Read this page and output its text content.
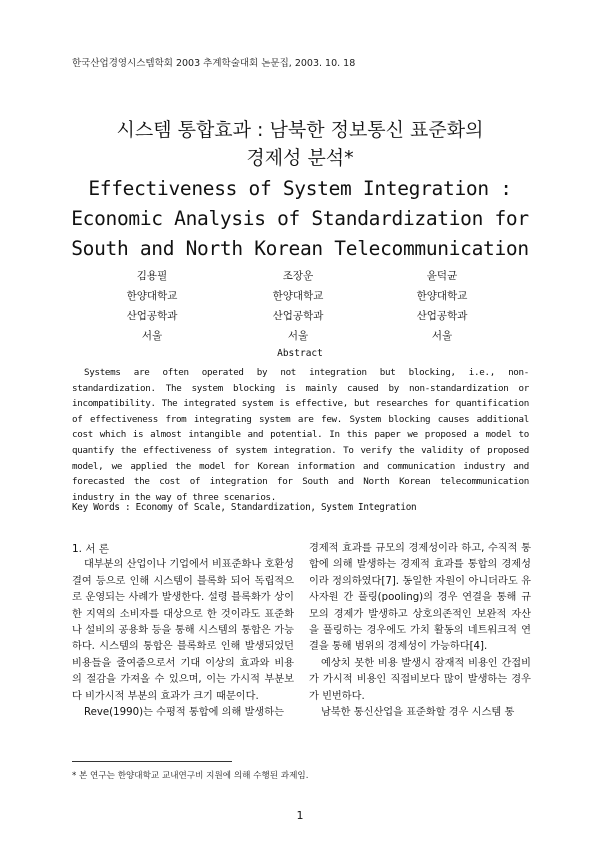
한국산업경영시스템학회 2003 추계학술대회 논문집, 2003. 10. 18
시스템 통합효과 : 남북한 정보통신 표준화의
경제성 분석*
Effectiveness of System Integration :
Economic Analysis of Standardization for
South and North Korean Telecommunication
김용필
한양대학교
산업공학과
서울
조장운
한양대학교
산업공학과
서울
윤덕균
한양대학교
산업공학과
서울
Abstract
Systems are often operated by not integration but blocking, i.e., non-standardization. The system blocking is mainly caused by non-standardization or incompatibility. The integrated system is effective, but researches for quantification of effectiveness from integrating system are few. System blocking causes additional cost which is almost intangible and potential. In this paper we proposed a model to quantify the effectiveness of system integration. To verify the validity of proposed model, we applied the model for Korean information and communication industry and forecasted the cost of integration for South and North Korean telecommunication industry in the way of three scenarios.
Key Words : Economy of Scale, Standardization, System Integration
1. 서 론

대부분의 산업이나 기업에서 비표준화나 호환성 결여 등으로 인해 시스템이 블록화 되어 독립적으로 운영되는 사례가 발생한다. 설령 블록화가 상이한 지역의 소비자를 대상으로 한 것이라도 표준화나 설비의 공용화 등을 통해 시스템의 통합은 가능하다. 시스템의 통합은 블록화로 인해 발생되었던 비용들을 줄여줌으로서 기대 이상의 효과와 비용의 절감을 가져올 수 있으며, 이는 가시적 부분보다 비가시적 부분의 효과가 크기 때문이다.

Reve(1990)는 수평적 통합에 의해 발생하는

경제적 효과를 규모의 경제성이라 하고, 수직적 통합에 의해 발생하는 경제적 효과를 통합의 경제성이라 정의하였다[7]. 동일한 자원이 아니더라도 유사자원 간 풀링(pooling)의 경우 연결을 통해 규모의 경제가 발생하고 상호의존적인 보완적 자산을 풀링하는 경우에도 가치 활동의 네트워크적 연결을 통해 범위의 경제성이 가능하다[4].

예상치 못한 비용 발생시 잠재적 비용인 간접비가 가시적 비용인 직접비보다 많이 발생하는 경우가 빈번하다.

남북한 통신산업을 표준화할 경우 시스템 통

* 본 연구는 한양대학교 교내연구비 지원에 의해 수행된 과제임.
1
